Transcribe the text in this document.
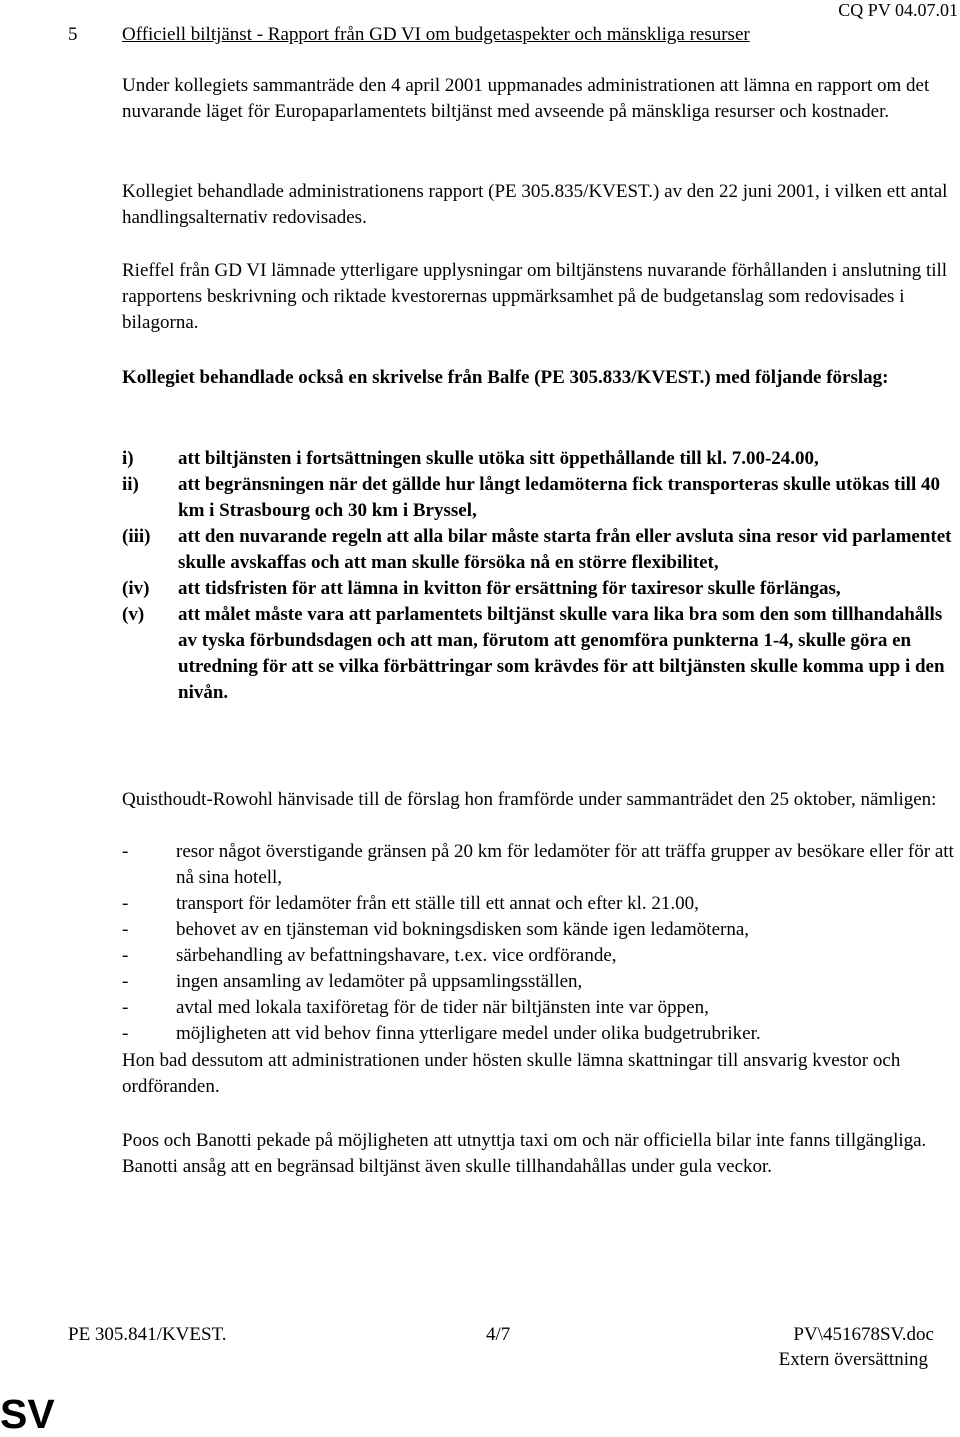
CQ PV 04.07.01
5 Officiell biltjänst - Rapport från GD VI om budgetaspekter och mänskliga resurser

Under kollegiets sammanträde den 4 april 2001 uppmanades administrationen att lämna en rapport om det nuvarande läget för Europaparlamentets biltjänst med avseende på mänskliga resurser och kostnader.

Kollegiet behandlade administrationens rapport (PE 305.835/KVEST.) av den 22 juni 2001, i vilken ett antal handlingsalternativ redovisades.

Rieffel från GD VI lämnade ytterligare upplysningar om biltjänstens nuvarande förhållanden i anslutning till rapportens beskrivning och riktade kvestorernas uppmärksamhet på de budgetanslag som redovisades i bilagorna.

Kollegiet behandlade också en skrivelse från Balfe (PE 305.833/KVEST.) med följande förslag:

i) att biltjänsten i fortsättningen skulle utöka sitt öppethållande till kl. 7.00-24.00,
ii) att begränsningen när det gällde hur långt ledamöterna fick transporteras skulle utökas till 40 km i Strasbourg och 30 km i Bryssel,
(iii) att den nuvarande regeln att alla bilar måste starta från eller avsluta sina resor vid parlamentet skulle avskaffas och att man skulle försöka nå en större flexibilitet,
(iv) att tidsfristen för att lämna in kvitton för ersättning för taxiresor skulle förlängas,
(v) att målet måste vara att parlamentets biltjänst skulle vara lika bra som den som tillhandahålls av tyska förbundsdagen och att man, förutom att genomföra punkterna 1-4, skulle göra en utredning för att se vilka förbättringar som krävdes för att biltjänsten skulle komma upp i den nivån.

Quisthoudt-Rowohl hänvisade till de förslag hon framförde under sammanträdet den 25 oktober, nämligen:

-	resor något överstigande gränsen på 20 km för ledamöter för att träffa grupper av besökare eller för att nå sina hotell,
-	transport för ledamöter från ett ställe till ett annat och efter kl. 21.00,
-	behovet av en tjänsteman vid bokningsdisken som kände igen ledamöterna,
-	särbehandling av befattningshavare, t.ex. vice ordförande,
-	ingen ansamling av ledamöter på uppsamlingsställen,
-	avtal med lokala taxiföretag för de tider när biltjänsten inte var öppen,
-	möjligheten att vid behov finna ytterligare medel under olika budgetrubriker.

Hon bad dessutom att administrationen under hösten skulle lämna skattningar till ansvarig kvestor och ordföranden.

Poos och Banotti pekade på möjligheten att utnyttja taxi om och när officiella bilar inte fanns tillgängliga. Banotti ansåg att en begränsad biltjänst även skulle tillhandahållas under gula veckor.

PE 305.841/KVEST.	4/7	PV\451678SV.doc
Extern översättning
SV
